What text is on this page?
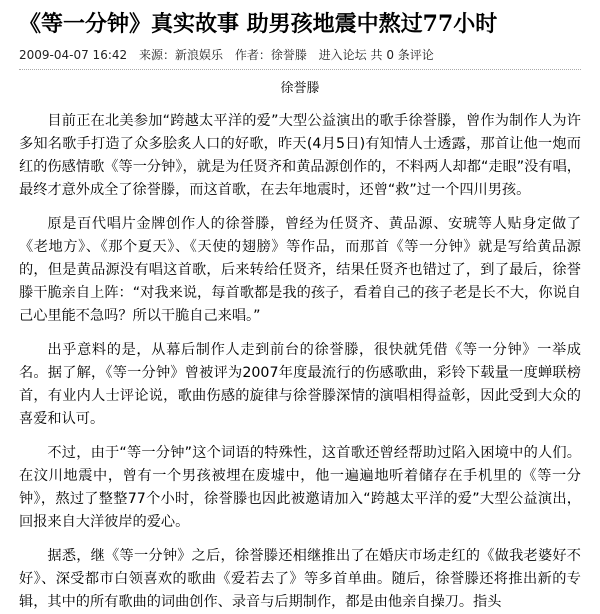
《等一分钟》真实故事 助男孩地震中熬过77小时
2009-04-07 16:42 来源：新浪娱乐 作者：徐誉滕 进入论坛 共 0 条评论
徐誉滕

目前正在北美参加“跨越太平洋的爱”大型公益演出的歌手徐誉滕，曾作为制作人为许多知名歌手打造了众多脍炙人口的好歌，昨天(4月5日)有知情人士透露，那首让他一炮而红的伤感情歌《等一分钟》，就是为任贤齐和黄品源创作的，不料两人却都“走眼”没有唱，最终才意外成全了徐誉滕，而这首歌，在去年地震时，还曾“救”过一个四川男孩。

原是百代唱片金牌创作人的徐誉滕，曾经为任贤齐、黄品源、安琥等人贴身定做了《老地方》、《那个夏天》、《天使的翅膀》等作品，而那首《等一分钟》就是写给黄品源的，但是黄品源没有唱这首歌，后来转给任贤齐，结果任贤齐也错过了，到了最后，徐誉滕干脆亲自上阵：“对我来说，每首歌都是我的孩子，看着自己的孩子老是长不大，你说自己心里能不急吗？所以干脆自己来唱。”

出乎意料的是，从幕后制作人走到前台的徐誉滕，很快就凭借《等一分钟》一举成名。据了解，《等一分钟》曾被评为2007年度最流行的伤感歌曲，彩铃下载量一度蝉联榜首，有业内人士评论说，歌曲伤感的旋律与徐誉滕深情的演唱相得益彰，因此受到大众的喜爱和认可。

不过，由于“等一分钟”这个词语的特殊性，这首歌还曾经帮助过陷入困境中的人们。在汶川地震中，曾有一个男孩被埋在废墟中，他一遍遍地听着储存在手机里的《等一分钟》，熬过了整整77个小时，徐誉滕也因此被邀请加入“跨越太平洋的爱”大型公益演出，回报来自大洋彼岸的爱心。

据悉，继《等一分钟》之后，徐誉滕还相继推出了在婚庆市场走红的《做我老婆好不好》、深受都市白领喜欢的歌曲《爱若去了》等多首单曲。随后，徐誉滕还将推出新的专辑，其中的所有歌曲的词曲创作、录音与后期制作，都是由他亲自操刀。指头
